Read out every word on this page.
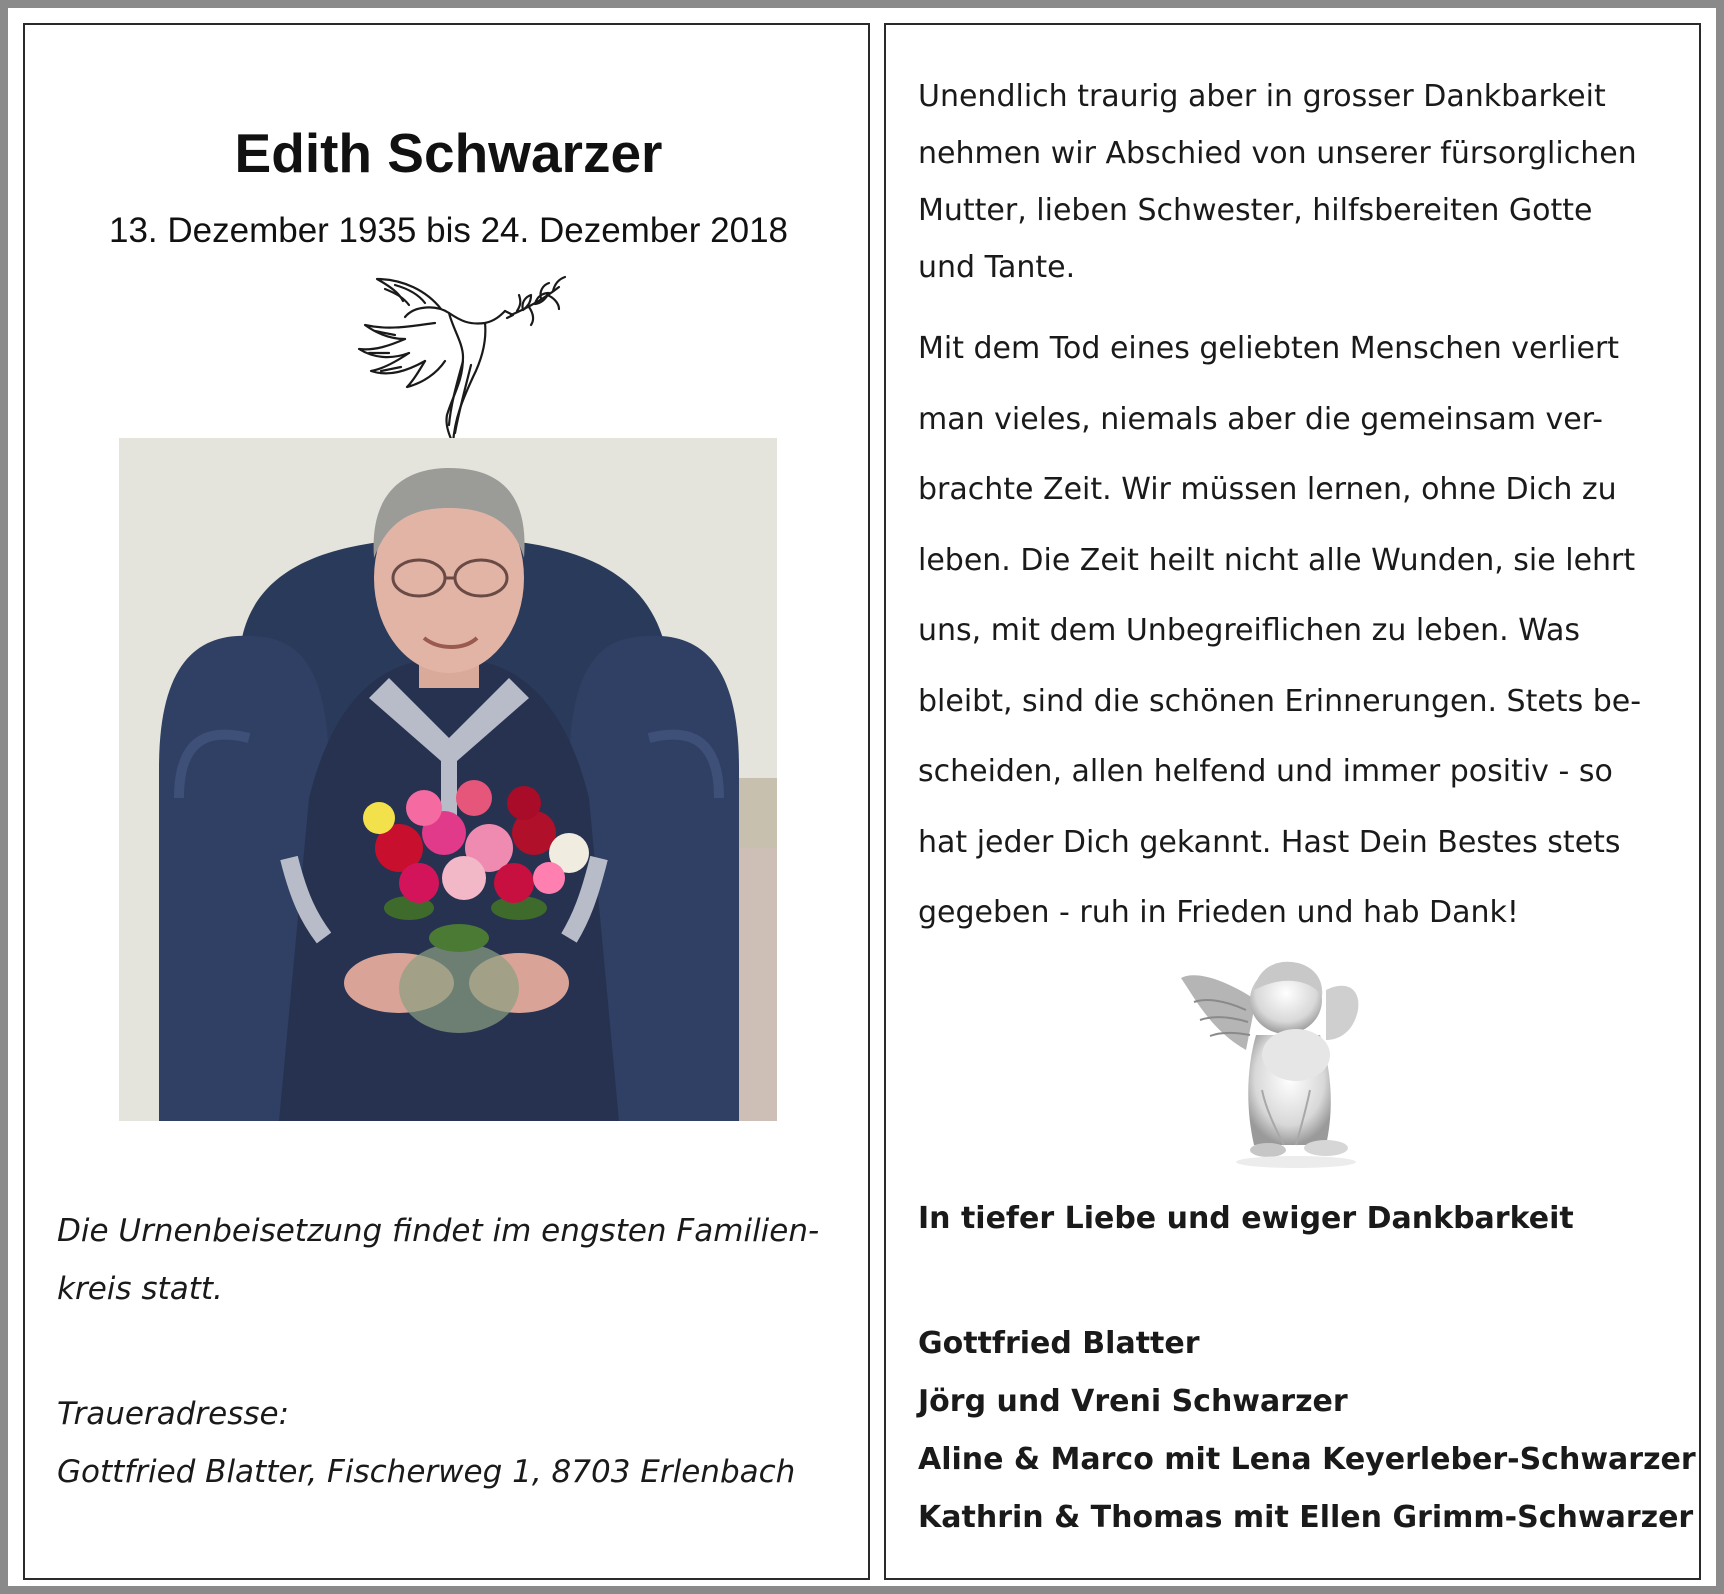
Edith Schwarzer
13. Dezember 1935 bis 24. Dezember 2018
Die Urnenbeisetzung findet im engsten Familien-
kreis statt.
Traueradresse:
Gottfried Blatter, Fischerweg 1, 8703 Erlenbach
Unendlich traurig aber in grosser Dankbarkeit
nehmen wir Abschied von unserer fürsorglichen
Mutter, lieben Schwester, hilfsbereiten Gotte
und Tante.
Mit dem Tod eines geliebten Menschen verliert
man vieles, niemals aber die gemeinsam ver-
brachte Zeit. Wir müssen lernen, ohne Dich zu
leben. Die Zeit heilt nicht alle Wunden, sie lehrt
uns, mit dem Unbegreiflichen zu leben. Was
bleibt, sind die schönen Erinnerungen. Stets be-
scheiden, allen helfend und immer positiv - so
hat jeder Dich gekannt. Hast Dein Bestes stets
gegeben - ruh in Frieden und hab Dank!
In tiefer Liebe und ewiger Dankbarkeit
Gottfried Blatter
Jörg und Vreni Schwarzer
Aline & Marco mit Lena Keyerleber-Schwarzer
Kathrin & Thomas mit Ellen Grimm-Schwarzer
